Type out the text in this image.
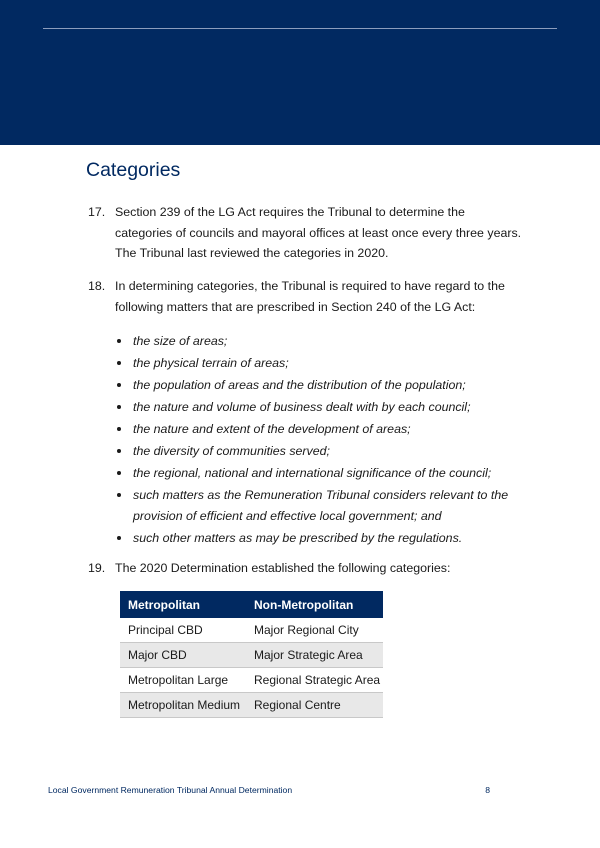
Categories
17. Section 239 of the LG Act requires the Tribunal to determine the categories of councils and mayoral offices at least once every three years. The Tribunal last reviewed the categories in 2020.
18. In determining categories, the Tribunal is required to have regard to the following matters that are prescribed in Section 240 of the LG Act:
the size of areas;
the physical terrain of areas;
the population of areas and the distribution of the population;
the nature and volume of business dealt with by each council;
the nature and extent of the development of areas;
the diversity of communities served;
the regional, national and international significance of the council;
such matters as the Remuneration Tribunal considers relevant to the provision of efficient and effective local government; and
such other matters as may be prescribed by the regulations.
19. The 2020 Determination established the following categories:
Metropolitan	Non-Metropolitan
Principal CBD	Major Regional City
Major CBD	Major Strategic Area
Metropolitan Large	Regional Strategic Area
Metropolitan Medium	Regional Centre
Local Government Remuneration Tribunal Annual Determination	8
